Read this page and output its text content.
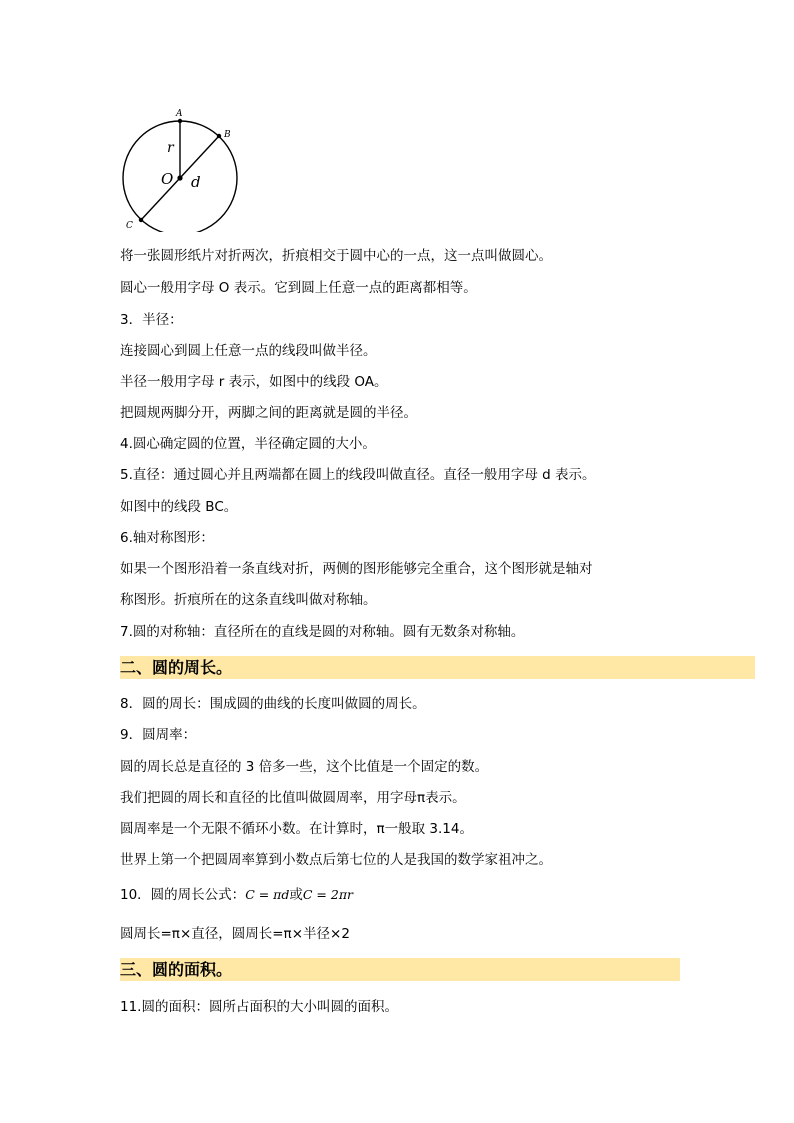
A
B
C
O
r
d
将一张圆形纸片对折两次，折痕相交于圆中心的一点，这一点叫做圆心。
圆心一般用字母 O 表示。它到圆上任意一点的距离都相等。
3．半径：
连接圆心到圆上任意一点的线段叫做半径。
半径一般用字母 r 表示，如图中的线段 OA。
把圆规两脚分开，两脚之间的距离就是圆的半径。
4.圆心确定圆的位置，半径确定圆的大小。
5.直径：通过圆心并且两端都在圆上的线段叫做直径。直径一般用字母 d 表示。
如图中的线段 BC。
6.轴对称图形：
如果一个图形沿着一条直线对折，两侧的图形能够完全重合，这个图形就是轴对
称图形。折痕所在的这条直线叫做对称轴。
7.圆的对称轴：直径所在的直线是圆的对称轴。圆有无数条对称轴。
二、圆的周长。
8．圆的周长：围成圆的曲线的长度叫做圆的周长。
9．圆周率：
圆的周长总是直径的 3 倍多一些，这个比值是一个固定的数。
我们把圆的周长和直径的比值叫做圆周率，用字母π表示。
圆周率是一个无限不循环小数。在计算时，π一般取 3.14。
世界上第一个把圆周率算到小数点后第七位的人是我国的数学家祖冲之。
10．圆的周长公式：C = πd或C = 2πr
圆周长=π×直径，圆周长=π×半径×2
三、圆的面积。
11.圆的面积：圆所占面积的大小叫圆的面积。
